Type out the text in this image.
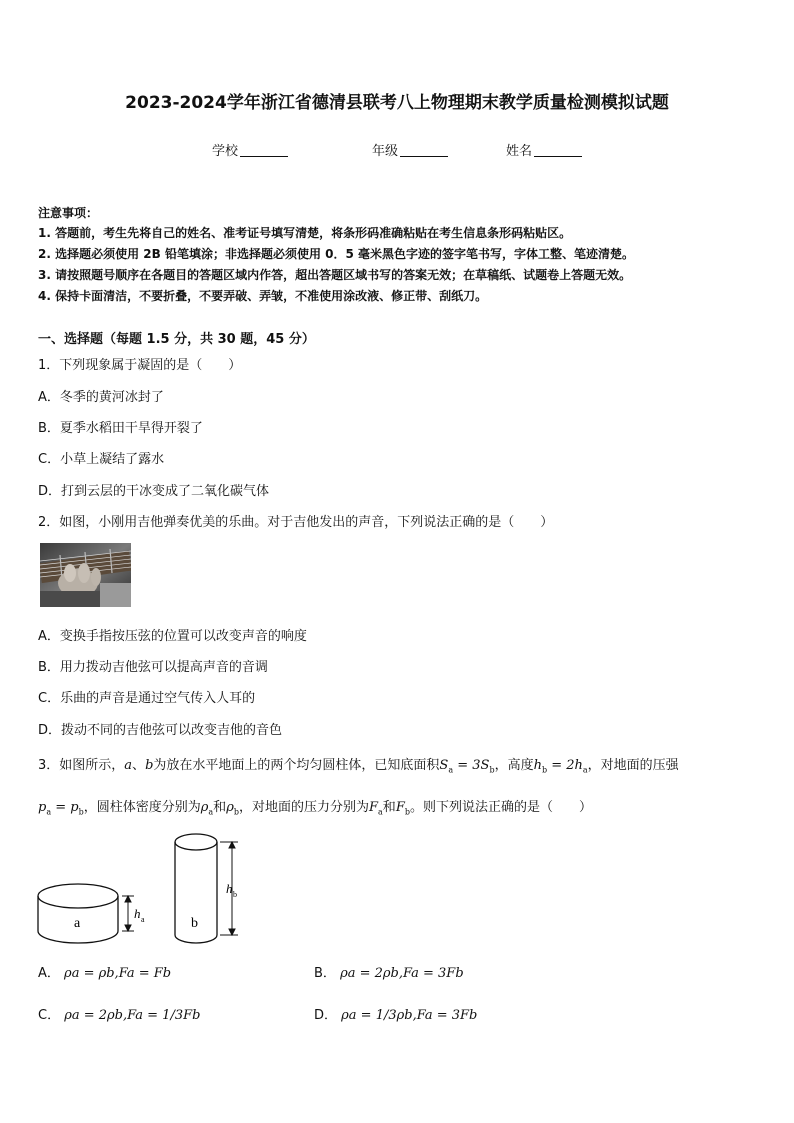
2023-2024学年浙江省德清县联考八上物理期末教学质量检测模拟试题
学校	年级	姓名
注意事项：
1. 答题前，考生先将自己的姓名、准考证号填写清楚，将条形码准确粘贴在考生信息条形码粘贴区。
2. 选择题必须使用 2B 铅笔填涂；非选择题必须使用 0．5 毫米黑色字迹的签字笔书写，字体工整、笔迹清楚。
3. 请按照题号顺序在各题目的答题区域内作答，超出答题区域书写的答案无效；在草稿纸、试题卷上答题无效。
4. 保持卡面清洁，不要折叠，不要弄破、弄皱，不准使用涂改液、修正带、刮纸刀。
一、选择题（每题 1.5 分，共 30 题，45 分）
1．下列现象属于凝固的是（　　）
A．冬季的黄河冰封了
B．夏季水稻田干旱得开裂了
C．小草上凝结了露水
D．打到云层的干冰变成了二氧化碳气体
2．如图，小刚用吉他弹奏优美的乐曲。对于吉他发出的声音，下列说法正确的是（　　）
A．变换手指按压弦的位置可以改变声音的响度
B．用力拨动吉他弦可以提高声音的音调
C．乐曲的声音是通过空气传入人耳的
D．拨动不同的吉他弦可以改变吉他的音色
3．如图所示，a、b为放在水平地面上的两个均匀圆柱体，已知底面积$S_a = 3S_b$，高度$h_b = 2h_a$，对地面的压强
$p_a = p_b$，圆柱体密度分别为$\rho_a$和$\rho_b$，对地面的压力分别为$F_a$和$F_b$。则下列说法正确的是（　　）
a	b
h a
h b
A． ρa = ρb,Fa = Fb	B． ρa = 2ρb,Fa = 3Fb
C． ρa = 2ρb,Fa = 1/3Fb	D． ρa = 1/3ρb,Fa = 3Fb
